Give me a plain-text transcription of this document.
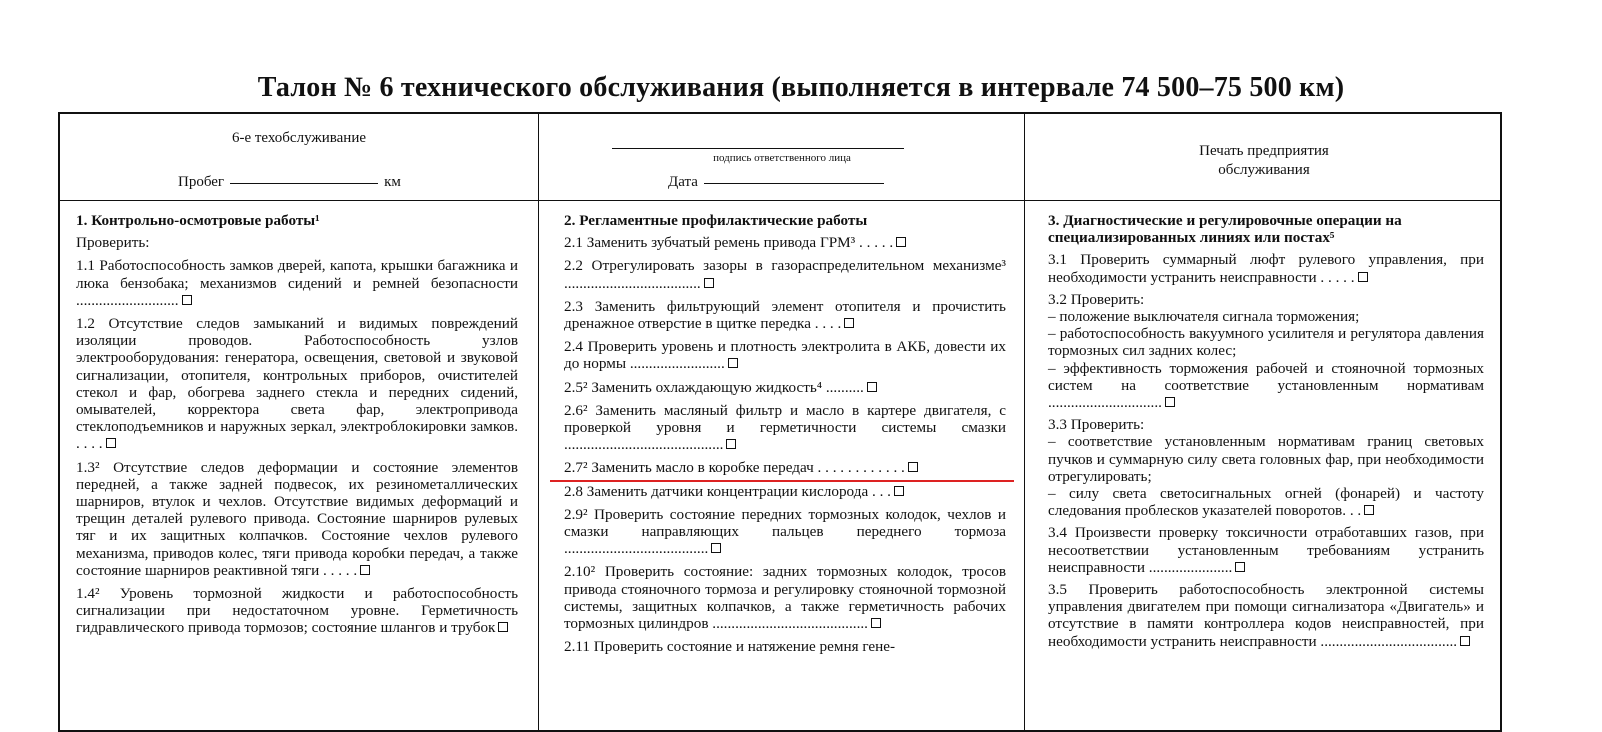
Талон № 6 технического обслуживания (выполняется в интервале 74 500–75 500 км)
6-е техобслуживание
Пробег	км
подпись ответственного лица
Дата
Печать предприятия
обслуживания
1. Контрольно-осмотровые работы¹
Проверить:
1.1 Работоспособность замков дверей, капота, крышки багажника и люка бензобака; механизмов сидений и ремней безопасности ...........................
1.2 Отсутствие следов замыканий и видимых повреждений изоляции проводов. Работоспособность узлов электрооборудования: генератора, освещения, световой и звуковой сигнализации, отопителя, контрольных приборов, очистителей стекол и фар, обогрева заднего стекла и передних сидений, омывателей, корректора света фар, электропривода стеклоподъемников и наружных зеркал, электроблокировки замков. . . . .
1.3² Отсутствие следов деформации и состояние элементов передней, а также задней подвесок, их резинометаллических шарниров, втулок и чехлов. Отсутствие видимых деформаций и трещин деталей рулевого привода. Состояние шарниров рулевых тяг и их защитных колпачков. Состояние чехлов рулевого механизма, приводов колес, тяги привода коробки передач, а также состояние шарниров реактивной тяги . . . . .
1.4² Уровень тормозной жидкости и работоспособность сигнализации при недостаточном уровне. Герметичность гидравлического привода тормозов; состояние шлангов и трубок
2. Регламентные профилактические работы
2.1 Заменить зубчатый ремень привода ГРМ³ . . . . .
2.2 Отрегулировать зазоры в газораспределительном механизме³ ....................................
2.3 Заменить фильтрующий элемент отопителя и прочистить дренажное отверстие в щитке передка . . . .
2.4 Проверить уровень и плотность электролита в АКБ, довести их до нормы .........................
2.5² Заменить охлаждающую жидкость⁴ ..........
2.6² Заменить масляный фильтр и масло в картере двигателя, с проверкой уровня и герметичности системы смазки ..........................................
2.7² Заменить масло в коробке передач . . . . . . . . . . . .
2.8 Заменить датчики концентрации кислорода . . .
2.9² Проверить состояние передних тормозных колодок, чехлов и смазки направляющих пальцев переднего тормоза ......................................
2.10² Проверить состояние: задних тормозных колодок, тросов привода стояночного тормоза и регулировку стояночной тормозной системы, защитных колпачков, а также герметичность рабочих тормозных цилиндров .........................................
2.11 Проверить состояние и натяжение ремня гене-
3. Диагностические и регулировочные операции на специализированных линиях или постах⁵
3.1 Проверить суммарный люфт рулевого управления, при необходимости устранить неисправности . . . . .
3.2 Проверить:
– положение выключателя сигнала торможения;
– работоспособность вакуумного усилителя и регулятора давления тормозных сил задних колес;
– эффективность торможения рабочей и стояночной тормозных систем на соответствие установленным нормативам ..............................
3.3 Проверить:
– соответствие установленным нормативам границ световых пучков и суммарную силу света головных фар, при необходимости отрегулировать;
– силу света светосигнальных огней (фонарей) и частоту следования проблесков указателей поворотов. . .
3.4 Произвести проверку токсичности отработавших газов, при несоответствии установленным требованиям устранить неисправности ......................
3.5 Проверить работоспособность электронной системы управления двигателем при помощи сигнализатора «Двигатель» и отсутствие в памяти контроллера кодов неисправностей, при необходимости устранить неисправности ....................................
